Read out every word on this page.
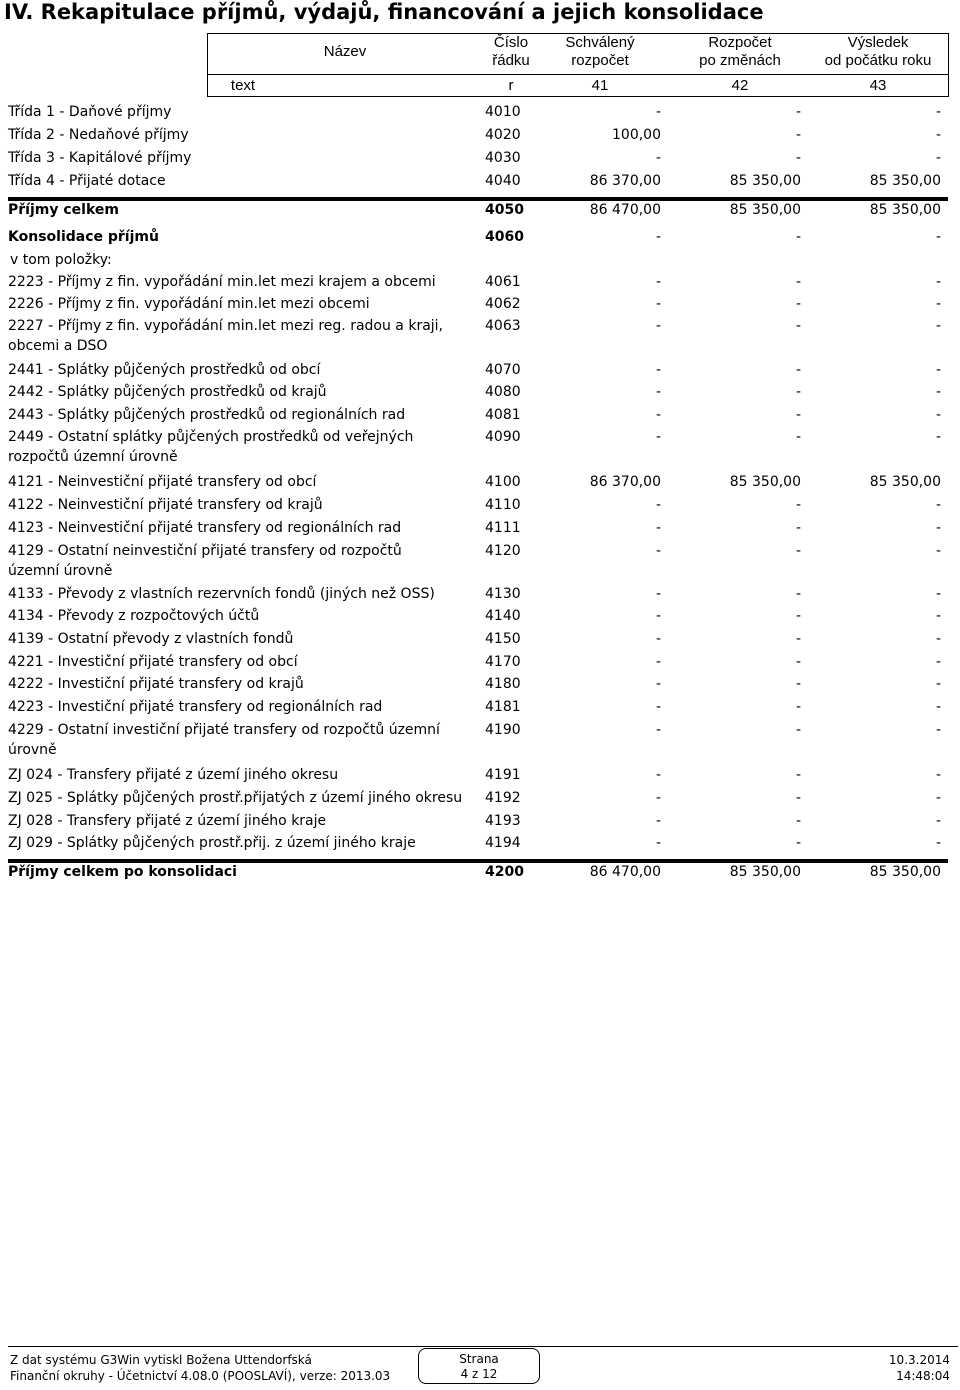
IV. Rekapitulace příjmů, výdajů, financování a jejich konsolidace
Název
Číslo
řádku
Schválený
rozpočet
Rozpočet
po změnách
Výsledek
od počátku roku
text	r	41	42	43
Třída 1 - Daňové příjmy	4010	-	-	-
Třída 2 - Nedaňové příjmy	4020	100,00	-	-
Třída 3 - Kapitálové příjmy	4030	-	-	-
Třída 4 - Přijaté dotace	4040	86 370,00	85 350,00	85 350,00
Příjmy celkem	4050	86 470,00	85 350,00	85 350,00
Konsolidace příjmů	4060	-	-	-
v tom položky:
2223 - Příjmy z fin. vypořádání min.let mezi krajem a obcemi	4061	-	-	-
2226 - Příjmy z fin. vypořádání min.let mezi obcemi	4062	-	-	-
2227 - Příjmy z fin. vypořádání min.let mezi reg. radou a kraji,
obcemi a DSO
4063	-	-	-
2441 - Splátky půjčených prostředků od obcí	4070	-	-	-
2442 - Splátky půjčených prostředků od krajů	4080	-	-	-
2443 - Splátky půjčených prostředků od regionálních rad	4081	-	-	-
2449 - Ostatní splátky půjčených prostředků od veřejných
rozpočtů územní úrovně
4090	-	-	-
4121 - Neinvestiční přijaté transfery od obcí	4100	86 370,00	85 350,00	85 350,00
4122 - Neinvestiční přijaté transfery od krajů	4110	-	-	-
4123 - Neinvestiční přijaté transfery od regionálních rad	4111	-	-	-
4129 - Ostatní neinvestiční přijaté transfery od rozpočtů
územní úrovně
4120	-	-	-
4133 - Převody z vlastních rezervních fondů (jiných než OSS)	4130	-	-	-
4134 - Převody z rozpočtových účtů	4140	-	-	-
4139 - Ostatní převody z vlastních fondů	4150	-	-	-
4221 - Investiční přijaté transfery od obcí	4170	-	-	-
4222 - Investiční přijaté transfery od krajů	4180	-	-	-
4223 - Investiční přijaté transfery od regionálních rad	4181	-	-	-
4229 - Ostatní investiční přijaté transfery od rozpočtů územní
úrovně
4190	-	-	-
ZJ 024 - Transfery přijaté z území jiného okresu	4191	-	-	-
ZJ 025 - Splátky půjčených prostř.přijatých z území jiného okresu	4192	-	-	-
ZJ 028 - Transfery přijaté z území jiného kraje	4193	-	-	-
ZJ 029 - Splátky půjčených prostř.přij. z území jiného kraje	4194	-	-	-
Příjmy celkem po konsolidaci	4200	86 470,00	85 350,00	85 350,00
Z dat systému G3Win vytiskl Božena Uttendorfská
Finanční okruhy - Účetnictví 4.08.0 (POOSLAVÍ), verze: 2013.03
Strana
4 z 12
10.3.2014
14:48:04
